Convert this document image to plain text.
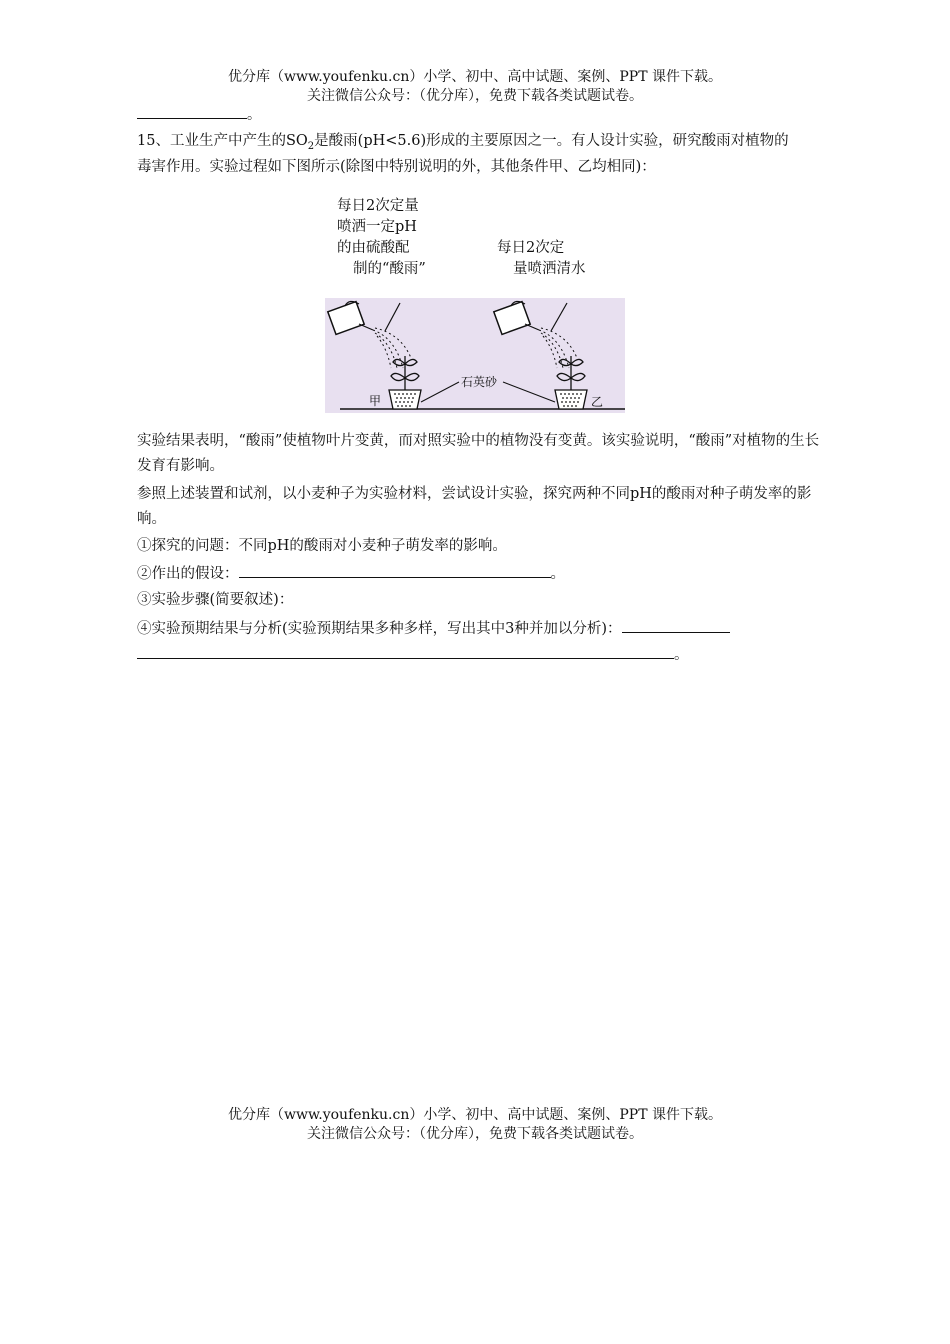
优分库（www.youfenku.cn）小学、初中、高中试题、案例、PPT 课件下载。
关注微信公众号：（优分库），免费下载各类试题试卷。
。
15、工业生产中产生的$SO_2$是酸雨(pH<5.6)形成的主要原因之一。有人设计实验，研究酸雨对植物的毒害作用。实验过程如下图所示(除图中特别说明的外，其他条件甲、乙均相同)：
每日2次定量
喷洒一定pH
的由硫酸配
制的“酸雨”
每日2次定
量喷洒清水
甲	乙
石英砂
实验结果表明，“酸雨”使植物叶片变黄，而对照实验中的植物没有变黄。该实验说明，“酸雨”对植物的生长发育有影响。
参照上述装置和试剂，以小麦种子为实验材料，尝试设计实验，探究两种不同pH的酸雨对种子萌发率的影响。
①探究的问题：不同pH的酸雨对小麦种子萌发率的影响。
②作出的假设：	。
③实验步骤(简要叙述)：
④实验预期结果与分析(实验预期结果多种多样，写出其中3种并加以分析)：
。
优分库（www.youfenku.cn）小学、初中、高中试题、案例、PPT 课件下载。
关注微信公众号：（优分库），免费下载各类试题试卷。
